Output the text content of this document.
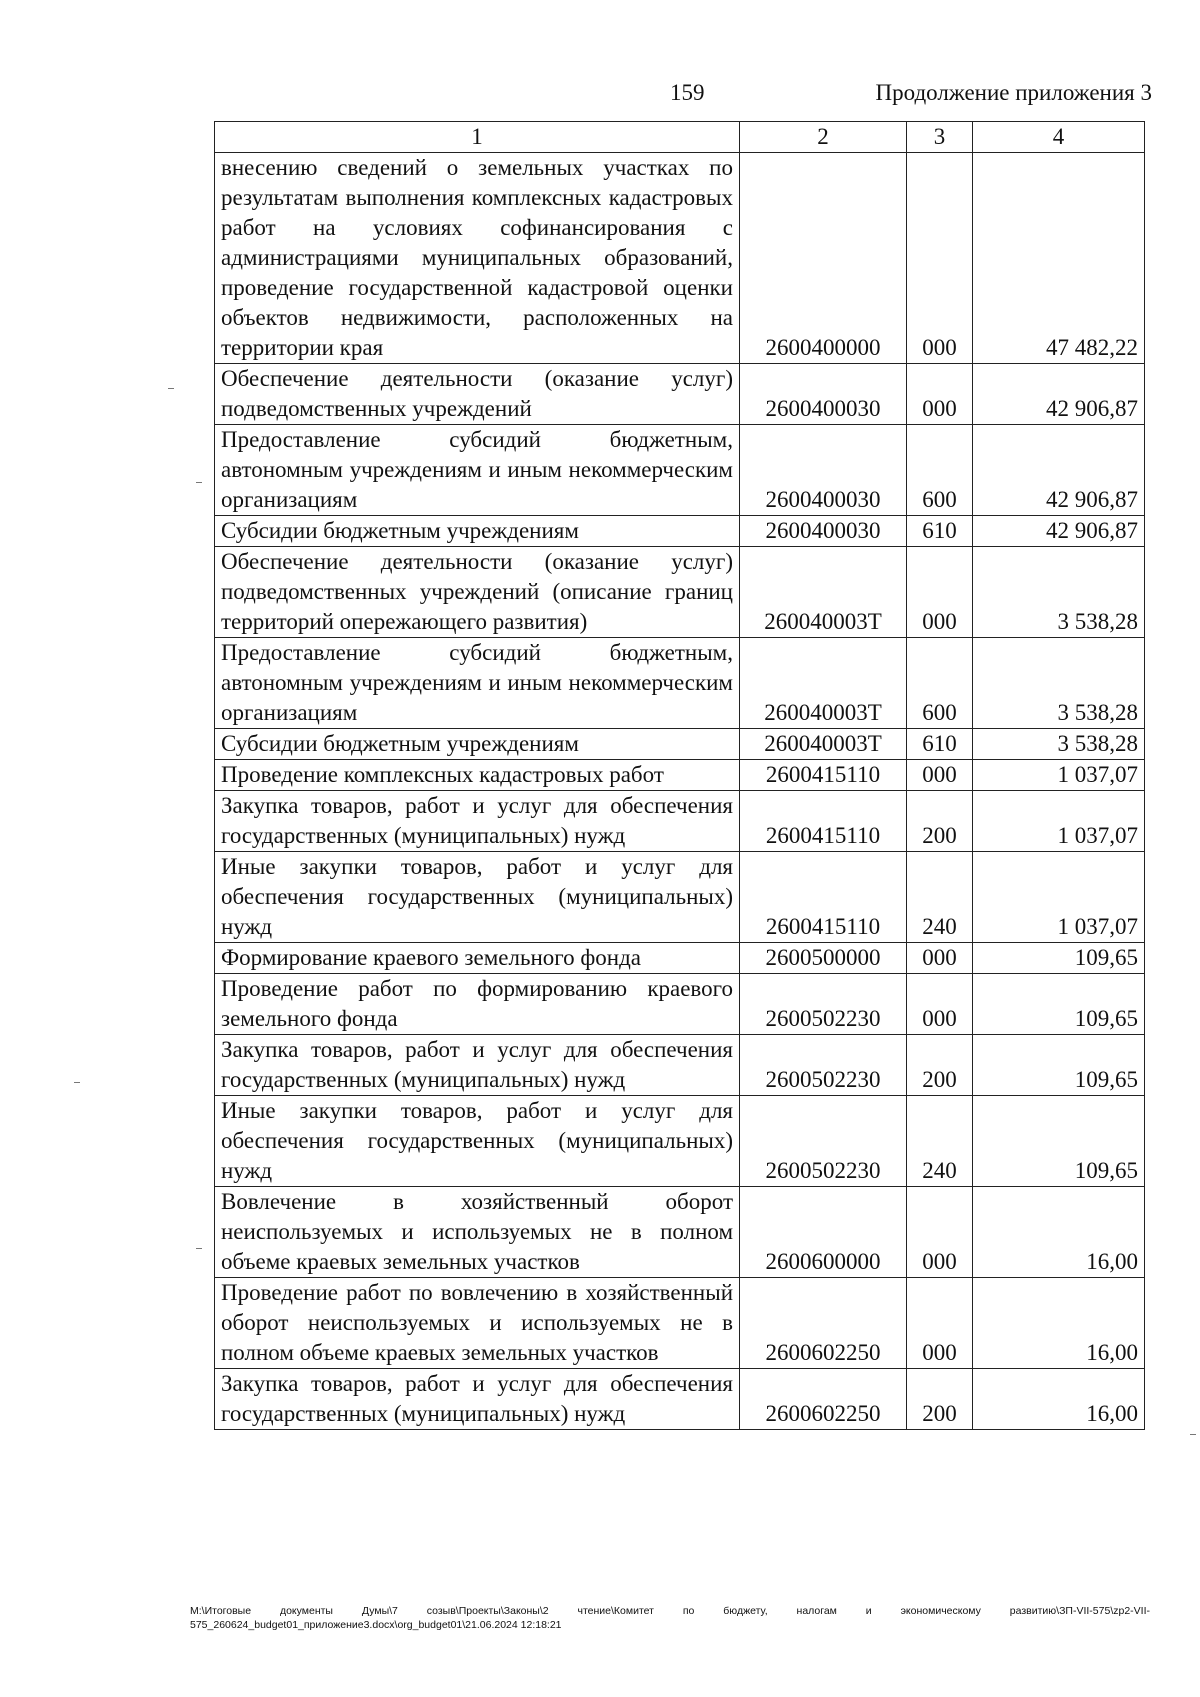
159	Продолжение приложения 3
1	2	3	4
внесению сведений о земельных участках по результатам выполнения комплексных кадастровых работ на условиях софинансирования с администрациями муниципальных образований, проведение государственной кадастровой оценки объектов недвижимости, расположенных на территории края	2600400000	000	47 482,22
Обеспечение деятельности (оказание услуг) подведомственных учреждений	2600400030	000	42 906,87
Предоставление субсидий бюджетным, автономным учреждениям и иным некоммерческим организациям	2600400030	600	42 906,87
Субсидии бюджетным учреждениям	2600400030	610	42 906,87
Обеспечение деятельности (оказание услуг) подведомственных учреждений (описание границ территорий опережающего развития)	260040003Т	000	3 538,28
Предоставление субсидий бюджетным, автономным учреждениям и иным некоммерческим организациям	260040003Т	600	3 538,28
Субсидии бюджетным учреждениям	260040003Т	610	3 538,28
Проведение комплексных кадастровых работ	2600415110	000	1 037,07
Закупка товаров, работ и услуг для обеспечения государственных (муниципальных) нужд	2600415110	200	1 037,07
Иные закупки товаров, работ и услуг для обеспечения государственных (муниципальных) нужд	2600415110	240	1 037,07
Формирование краевого земельного фонда	2600500000	000	109,65
Проведение работ по формированию краевого земельного фонда	2600502230	000	109,65
Закупка товаров, работ и услуг для обеспечения государственных (муниципальных) нужд	2600502230	200	109,65
Иные закупки товаров, работ и услуг для обеспечения государственных (муниципальных) нужд	2600502230	240	109,65
Вовлечение в хозяйственный оборот неиспользуемых и используемых не в полном объеме краевых земельных участков	2600600000	000	16,00
Проведение работ по вовлечению в хозяйственный оборот неиспользуемых и используемых не в полном объеме краевых земельных участков	2600602250	000	16,00
Закупка товаров, работ и услуг для обеспечения государственных (муниципальных) нужд	2600602250	200	16,00
М:\Итоговые документы Думы\7 созыв\Проекты\Законы\2 чтение\Комитет по бюджету, налогам и экономическому развитию\ЗП-VII-575\zp2-VII-575_260624_budget01_приложение3.docx\org_budget01\21.06.2024 12:18:21
